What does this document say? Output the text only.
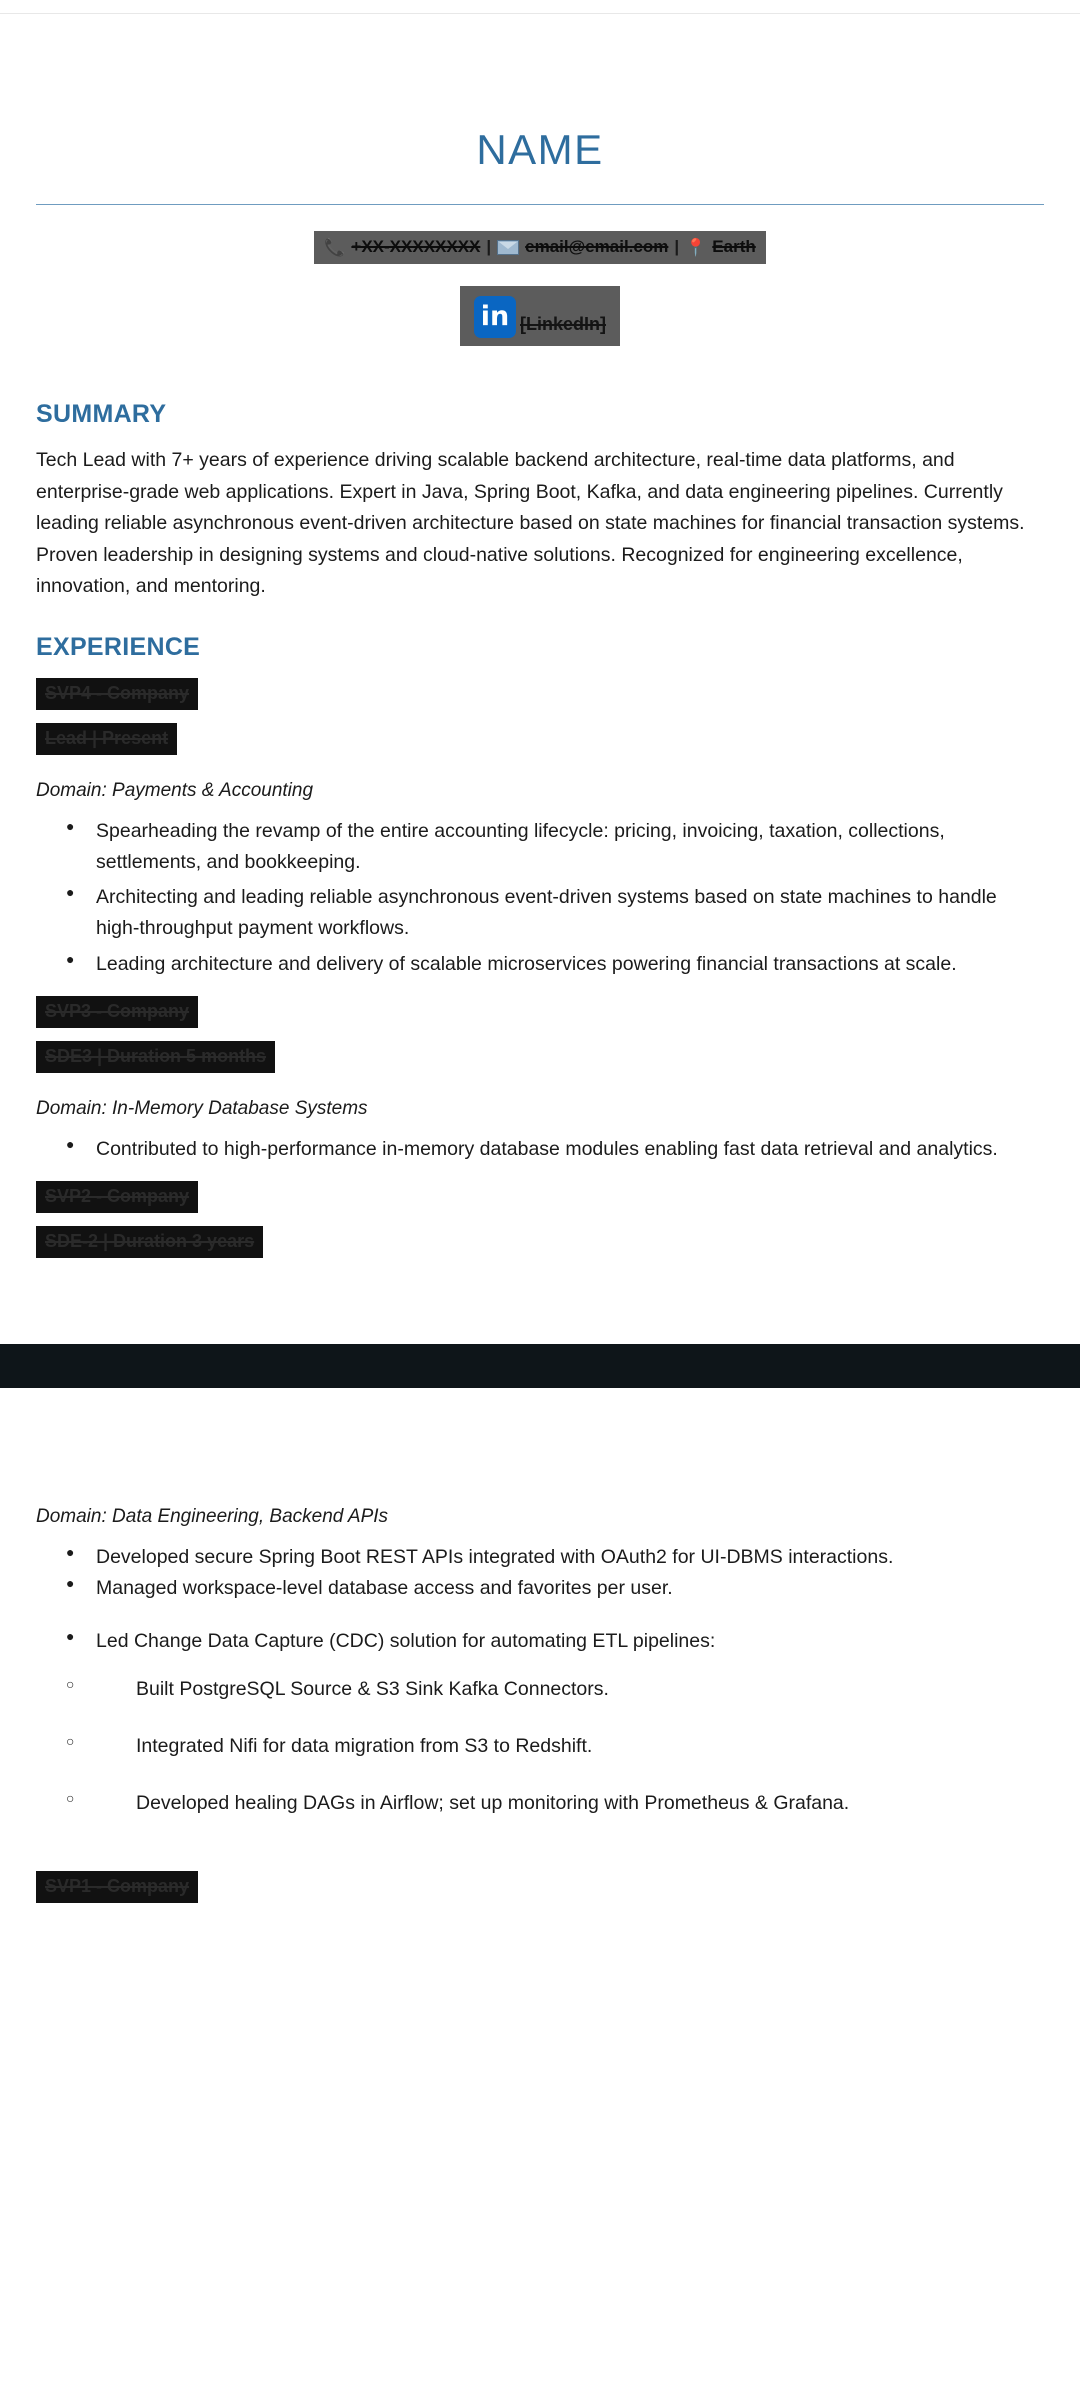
NAME
📞 +XX-XXXXXXXX | email@email.com | 📍 Earth
in [LinkedIn]
SUMMARY
Tech Lead with 7+ years of experience driving scalable backend architecture, real-time data platforms, and enterprise-grade web applications. Expert in Java, Spring Boot, Kafka, and data engineering pipelines. Currently leading reliable asynchronous event-driven architecture based on state machines for financial transaction systems. Proven leadership in designing systems and cloud-native solutions. Recognized for engineering excellence, innovation, and mentoring.
EXPERIENCE
SVP4 - Company
Lead | Present
Domain: Payments & Accounting
● Spearheading the revamp of the entire accounting lifecycle: pricing, invoicing, taxation, collections, settlements, and bookkeeping.
● Architecting and leading reliable asynchronous event-driven systems based on state machines to handle high-throughput payment workflows.
● Leading architecture and delivery of scalable microservices powering financial transactions at scale.
SVP3 - Company
SDE3 | Duration 5 months
Domain: In-Memory Database Systems
● Contributed to high-performance in-memory database modules enabling fast data retrieval and analytics.
SVP2 - Company
SDE-2 | Duration 3 years
Domain: Data Engineering, Backend APIs
● Developed secure Spring Boot REST APIs integrated with OAuth2 for UI-DBMS interactions.
● Managed workspace-level database access and favorites per user.
● Led Change Data Capture (CDC) solution for automating ETL pipelines:
○ Built PostgreSQL Source & S3 Sink Kafka Connectors.
○ Integrated Nifi for data migration from S3 to Redshift.
○ Developed healing DAGs in Airflow; set up monitoring with Prometheus & Grafana.
SVP1 - Company
